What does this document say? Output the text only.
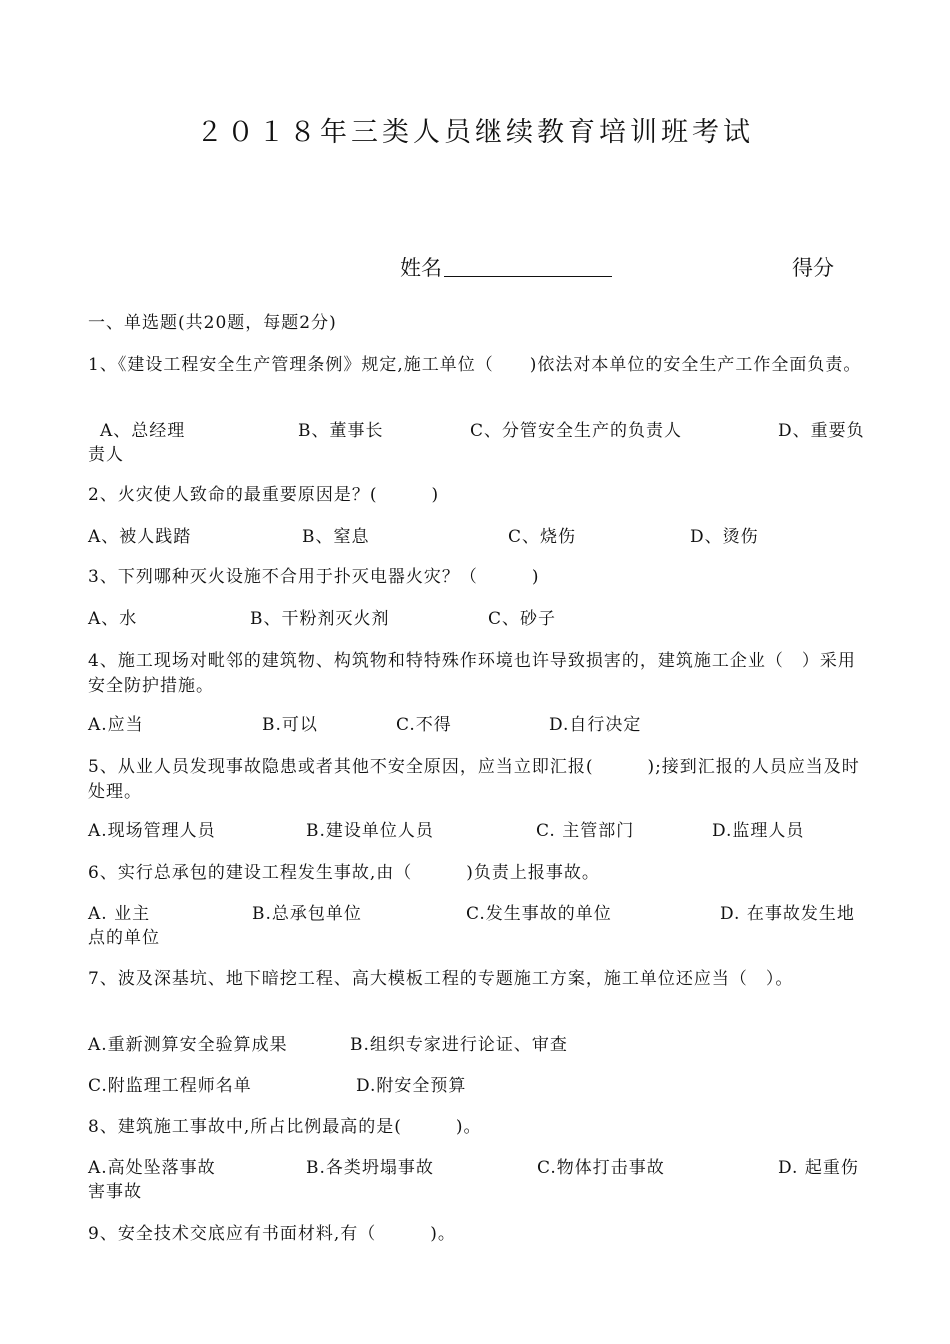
２０１８年三类人员继续教育培训班考试
姓名	得分
一、单选题(共20题，每题2分)
1、《建设工程安全生产管理条例》规定,施工单位（　　)依法对本单位的安全生产工作全面负责。
A、总经理	B、董事长	C、分管安全生产的负责人	D、重要负
责人
2、火灾使人致命的最重要原因是？(　　　)
A、被人践踏	B、窒息	C、烧伤	D、烫伤
3、下列哪种灭火设施不合用于扑灭电器火灾？（　　　)
A、水	B、干粉剂灭火剂	C、砂子
4、施工现场对毗邻的建筑物、构筑物和特特殊作环境也许导致损害的，建筑施工企业（　）采用安全防护措施。
A.应当	B.可以	C.不得	D.自行决定
5、从业人员发现事故隐患或者其他不安全原因，应当立即汇报(　　　);接到汇报的人员应当及时处理。
A.现场管理人员	B.建设单位人员	C. 主管部门	D.监理人员
6、实行总承包的建设工程发生事故,由（　　　)负责上报事故。
A. 业主	B.总承包单位	C.发生事故的单位	D. 在事故发生地
点的单位
7、波及深基坑、地下暗挖工程、高大模板工程的专题施工方案，施工单位还应当（　）。
A.重新测算安全验算成果	B.组织专家进行论证、审查
C.附监理工程师名单	D.附安全预算
8、建筑施工事故中,所占比例最高的是(　　　)。
A.高处坠落事故	B.各类坍塌事故	C.物体打击事故	D. 起重伤
害事故
9、安全技术交底应有书面材料,有（　　　)。
